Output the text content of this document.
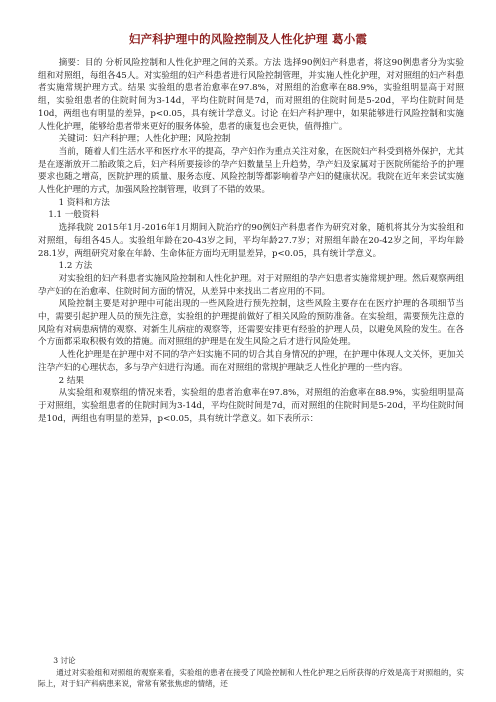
妇产科护理中的风险控制及人性化护理 葛小霞

摘要：目的 分析风险控制和人性化护理之间的关系。方法 选择90例妇产科患者，将这90例患者分为实验组和对照组，每组各45人。对实验组的妇产科患者进行风险控制管理，并实施人性化护理，对对照组的妇产科患者实施常规护理方式。结果 实验组的患者治愈率在97.8%，对照组的治愈率在88.9%，实验组明显高于对照组，实验组患者的住院时间为3-14d，平均住院时间是7d，而对照组的住院时间是5-20d，平均住院时间是10d，两组也有明显的差异，p<0.05，具有统计学意义。讨论 在妇产科护理中，如果能够进行风险控制和实施人性化护理，能够给患者带来更好的服务体验，患者的康复也会更快，值得推广。

关键词：妇产科护理；人性化护理；风险控制

当前，随着人们生活水平和医疗水平的提高，孕产妇作为重点关注对象，在医院妇产科受到格外保护，尤其是在逐渐放开二胎政策之后，妇产科所要接诊的孕产妇数量呈上升趋势，孕产妇及家属对于医院所能给予的护理要求也随之增高，医院护理的质量、服务态度、风险控制等都影响着孕产妇的健康状况。我院在近年来尝试实施人性化护理的方式，加强风险控制管理，收到了不错的效果。

1 资料和方法

1.1 一般资料

选择我院 2015年1月-2016年1月期间入院治疗的90例妇产科患者作为研究对象，随机将其分为实验组和对照组，每组各45人。实验组年龄在20-43岁之间，平均年龄27.7岁；对照组年龄在20-42岁之间，平均年龄28.1岁，两组研究对象在年龄、生命体征方面均无明显差异，p<0.05，具有统计学意义。

1.2 方法

对实验组的妇产科患者实施风险控制和人性化护理。对于对照组的孕产妇患者实施常规护理。然后观察两组孕产妇的在治愈率、住院时间方面的情况，从差异中来找出二者应用的不同。

风险控制主要是对护理中可能出现的一些风险进行预先控制，这些风险主要存在在医疗护理的各项细节当中，需要引起护理人员的预先注意，实验组的护理提前做好了相关风险的预防准备。在实验组，需要预先注意的风险有对病患病情的观察、对新生儿病症的观察等，还需要安排更有经验的护理人员，以避免风险的发生。在各个方面都采取积极有效的措施。而对照组的护理是在发生风险之后才进行风险处理。

人性化护理是在护理中对不同的孕产妇实施不同的切合其自身情况的护理，在护理中体现人文关怀，更加关注孕产妇的心理状态，多与孕产妇进行沟通。而在对照组的常规护理缺乏人性化护理的一些内容。

2 结果

从实验组和观察组的情况来看，实验组的患者治愈率在97.8%，对照组的治愈率在88.9%，实验组明显高于对照组，实验组患者的住院时间为3-14d，平均住院时间是7d，而对照组的住院时间是5-20d，平均住院时间是10d，两组也有明显的差异，p<0.05，具有统计学意义。如下表所示：

3 讨论

通过对实验组和对照组的观察来看，实验组的患者在接受了风险控制和人性化护理之后所获得的疗效是高于对照组的，实际上，对于妇产科病患来说，常常有紧张焦虑的情绪，还
